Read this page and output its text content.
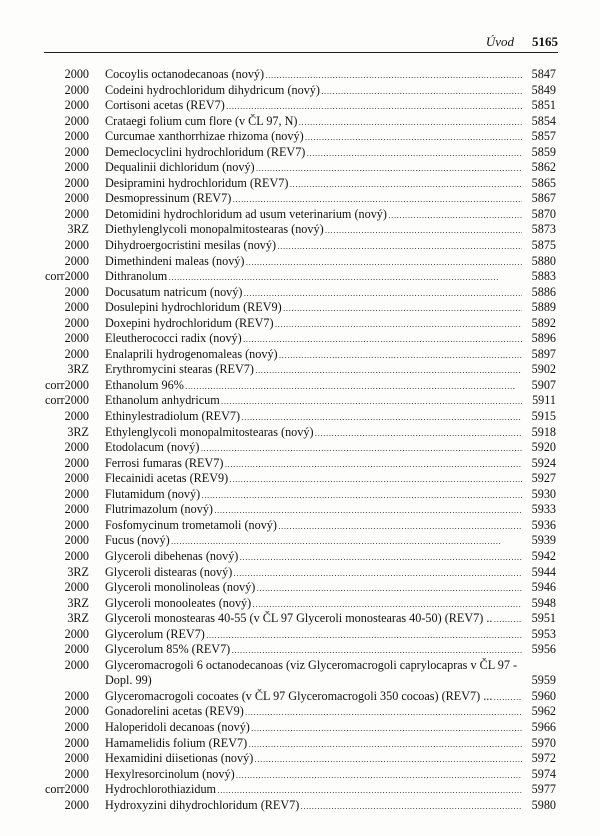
Úvod 5165
2000 Cocoylis octanodecanoas (nový) . . .	5847
2000 Codeini hydrochloridum dihydricum (nový) . . .	5849
2000 Cortisoni acetas (REV7) . . .	5851
2000 Crataegi folium cum flore (v ČL 97, N) . . .	5854
2000 Curcumae xanthorrhizae rhizoma (nový) . . .	5857
2000 Demeclocyclini hydrochloridum (REV7) . . .	5859
2000 Dequalinii dichloridum (nový) . . .	5862
2000 Desipramini hydrochloridum (REV7) . . .	5865
2000 Desmopressinum (REV7) . . .	5867
2000 Detomidini hydrochloridum ad usum veterinarium (nový) . . .	5870
3RZ Diethylenglycoli monopalmitostearas (nový) . . .	5873
2000 Dihydroergocristini mesilas (nový) . . .	5875
2000 Dimethindeni maleas (nový) . . .	5880
corr2000 Dithranolum . . .	5883
2000 Docusatum natricum (nový) . . .	5886
2000 Dosulepini hydrochloridum (REV9) . . .	5889
2000 Doxepini hydrochloridum (REV7) . . .	5892
2000 Eleutherococci radix (nový) . . .	5896
2000 Enalaprili hydrogenomaleas (nový) . . .	5897
3RZ Erythromycini stearas (REV7) . . .	5902
corr2000 Ethanolum 96% . . .	5907
corr2000 Ethanolum anhydricum . . .	5911
2000 Ethinylestradiolum (REV7) . . .	5915
3RZ Ethylenglycoli monopalmitostearas (nový) . . .	5918
2000 Etodolacum (nový) . . .	5920
2000 Ferrosi fumaras (REV7) . . .	5924
2000 Flecainidi acetas (REV9) . . .	5927
2000 Flutamidum (nový) . . .	5930
2000 Flutrimazolum (nový) . . .	5933
2000 Fosfomycinum trometamoli (nový) . . .	5936
2000 Fucus (nový) . . .	5939
2000 Glyceroli dibehenas (nový) . . .	5942
3RZ Glyceroli distearas (nový) . . .	5944
2000 Glyceroli monolinoleas (nový) . . .	5946
3RZ Glyceroli monooleates (nový) . . .	5948
3RZ Glyceroli monostearas 40-55 (v ČL 97 Glyceroli monostearas 40-50) (REV7) .. . . .	5951
2000 Glycerolum (REV7) . . .	5953
2000 Glycerolum 85% (REV7) . . .	5956
2000 Glyceromacrogoli 6 octanodecanoas (viz Glyceromacrogoli caprylocapras v ČL 97 - Dopl. 99)	5959
2000 Glyceromacrogoli cocoates (v ČL 97 Glyceromacrogoli 350 cocoas) (REV7) ... . . .	5960
2000 Gonadorelini acetas (REV9) . . .	5962
2000 Haloperidoli decanoas (nový) . . .	5966
2000 Hamamelidis folium (REV7) . . .	5970
2000 Hexamidini diisetionas (nový) . . .	5972
2000 Hexylresorcinolum (nový) . . .	5974
corr2000 Hydrochlorothiazidum . . .	5977
2000 Hydroxyzini dihydrochloridum (REV7) . . .	5980
